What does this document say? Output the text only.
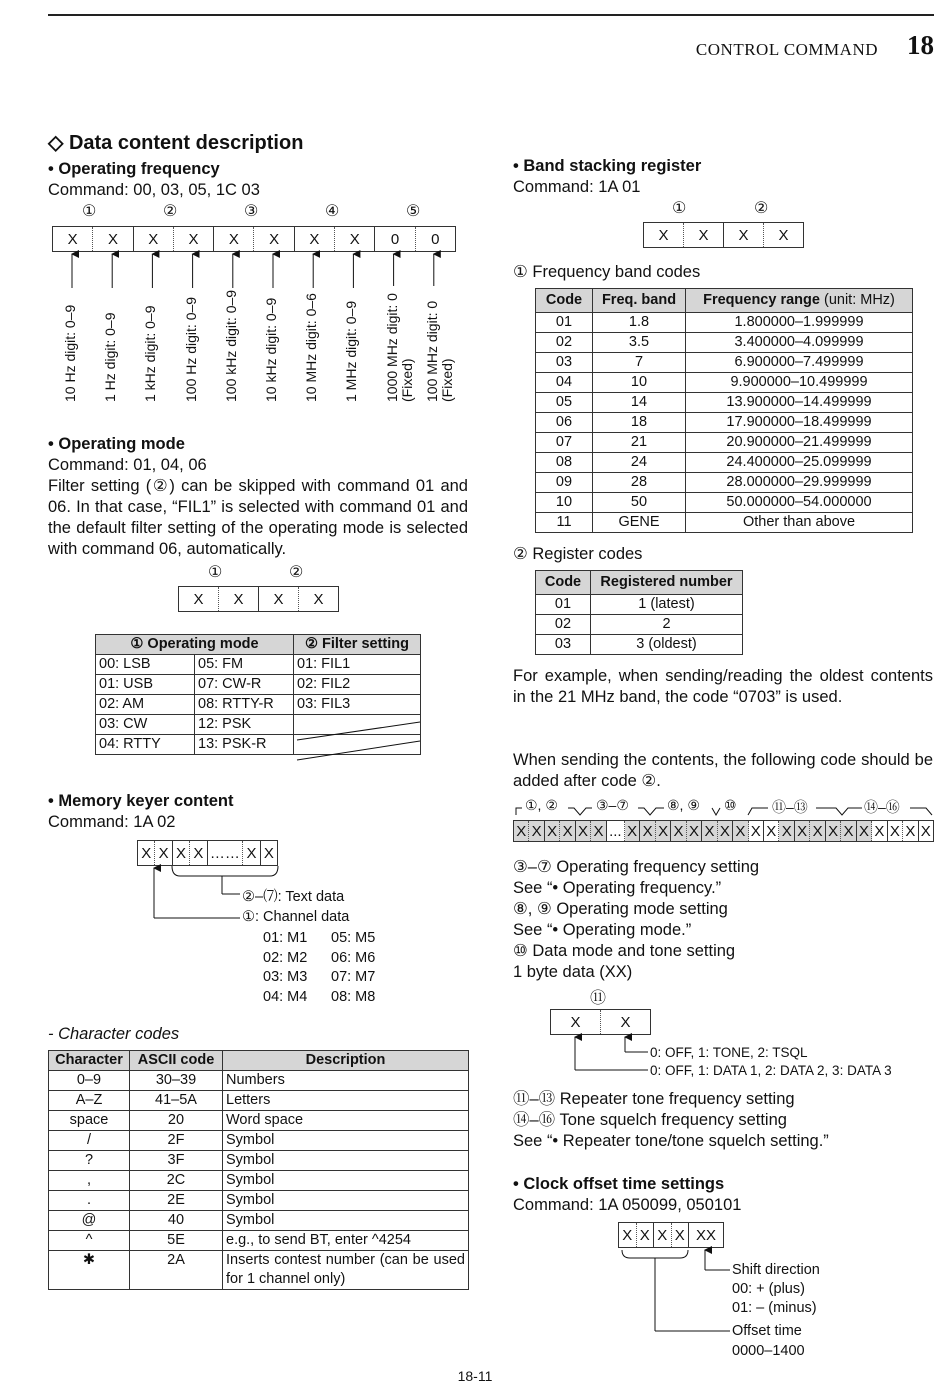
CONTROL COMMAND 18
◇ Data content description
• Operating frequency
Command: 00, 03, 05, 1C 03
①	②	③	④	⑤
X	X	X	X	X	X	X	X	0	0
10 Hz digit: 0–9 1 Hz digit: 0–9 1 kHz digit: 0–9 100 Hz digit: 0–9 100 kHz digit: 0–9 10 kHz digit: 0–9 10 MHz digit: 0–6 1 MHz digit: 0–9 1000 MHz digit: 0 (Fixed) 100 MHz digit: 0 (Fixed)
• Operating mode
Command: 01, 04, 06
Filter setting (②) can be skipped with command 01 and 06. In that case, “FIL1” is selected with command 01 and the default filter setting of the operating mode is selected with command 06, automatically.
①	②
X	X	X	X
① Operating mode		② Filter setting
00: LSB	05: FM	01: FIL1
01: USB	07: CW-R	02: FIL2
02: AM	08: RTTY-R	03: FIL3
03: CW	12: PSK	
04: RTTY	13: PSK-R	
• Memory keyer content
Command: 1A 02
X X X X …… X X
②–⑺: Text data
①: Channel data
01: M1 05: M5
02: M2 06: M6
03: M3 07: M7
04: M4 08: M8
- Character codes
Character	ASCII code	Description
0–9	30–39	Numbers
A–Z	41–5A	Letters
space	20	Word space
/	2F	Symbol
?	3F	Symbol
,	2C	Symbol
.	2E	Symbol
@	40	Symbol
^	5E	e.g., to send BT, enter ^4254
✱	2A	Inserts contest number (can be used for 1 channel only)
• Band stacking register
Command: 1A 01
①	②
X	X	X	X
① Frequency band codes
Code	Freq. band	Frequency range (unit: MHz)
01	1.8	1.800000–1.999999
02	3.5	3.400000–4.099999
03	7	6.900000–7.499999
04	10	9.900000–10.499999
05	14	13.900000–14.499999
06	18	17.900000–18.499999
07	21	20.900000–21.499999
08	24	24.400000–25.099999
09	28	28.000000–29.999999
10	50	50.000000–54.000000
11	GENE	Other than above
② Register codes
Code	Registered number
01	1 (latest)
02	2
03	3 (oldest)
For example, when sending/reading the oldest contents in the 21 MHz band, the code “0703” is used.
When sending the contents, the following code should be added after code ②.
①, ②	③–⑦	⑧, ⑨ ⑩	⑪–⑬	⑭–⑯
X X X X X X ... X X X X X X X X X X X X X X X X X X X X
③–⑦ Operating frequency setting
See “• Operating frequency.”
⑧, ⑨ Operating mode setting
See “• Operating mode.”
⑩ Data mode and tone setting
1 byte data (XX)
⑪
X	X
0: OFF, 1: TONE, 2: TSQL
0: OFF, 1: DATA 1, 2: DATA 2, 3: DATA 3
⑪–⑬ Repeater tone frequency setting
⑭–⑯ Tone squelch frequency setting
See “• Repeater tone/tone squelch setting.”
• Clock offset time settings
Command: 1A 050099, 050101
X X X X XX
Shift direction
00: + (plus)
01: – (minus)
Offset time
0000–1400
18-11
